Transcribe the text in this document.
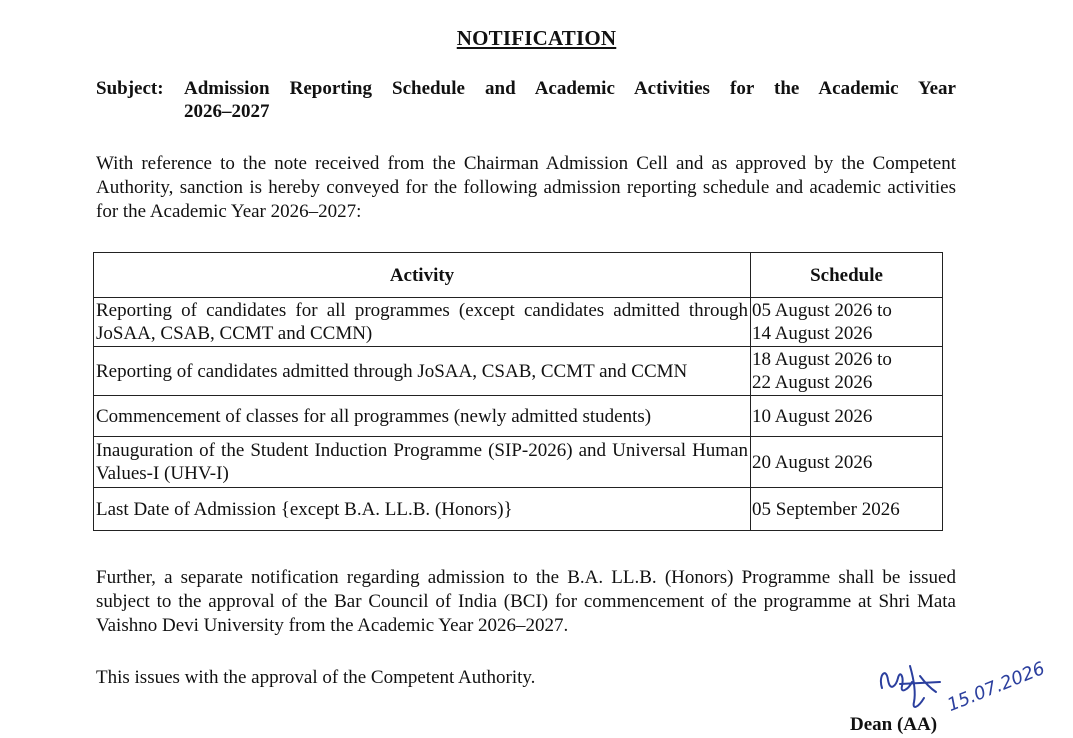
NOTIFICATION
Subject:	Admission Reporting Schedule and Academic Activities for the Academic Year
2026–2027
With reference to the note received from the Chairman Admission Cell and as approved by the Competent Authority, sanction is hereby conveyed for the following admission reporting schedule and academic activities for the Academic Year 2026–2027:
Activity	Schedule
Reporting of candidates for all programmes (except candidates admitted through JoSAA, CSAB, CCMT and CCMN)	05 August 2026 to
14 August 2026

Reporting of candidates admitted through JoSAA, CSAB, CCMT and CCMN	18 August 2026 to
22 August 2026

Commencement of classes for all programmes (newly admitted students)	10 August 2026
Inauguration of the Student Induction Programme (SIP-2026) and Universal Human Values-I (UHV-I)	20 August 2026
Last Date of Admission {except B.A. LL.B. (Honors)}	05 September 2026
Further, a separate notification regarding admission to the B.A. LL.B. (Honors) Programme shall be issued subject to the approval of the Bar Council of India (BCI) for commencement of the programme at Shri Mata Vaishno Devi University from the Academic Year 2026–2027.
This issues with the approval of the Competent Authority.	15.07.2026
Dean (AA)
